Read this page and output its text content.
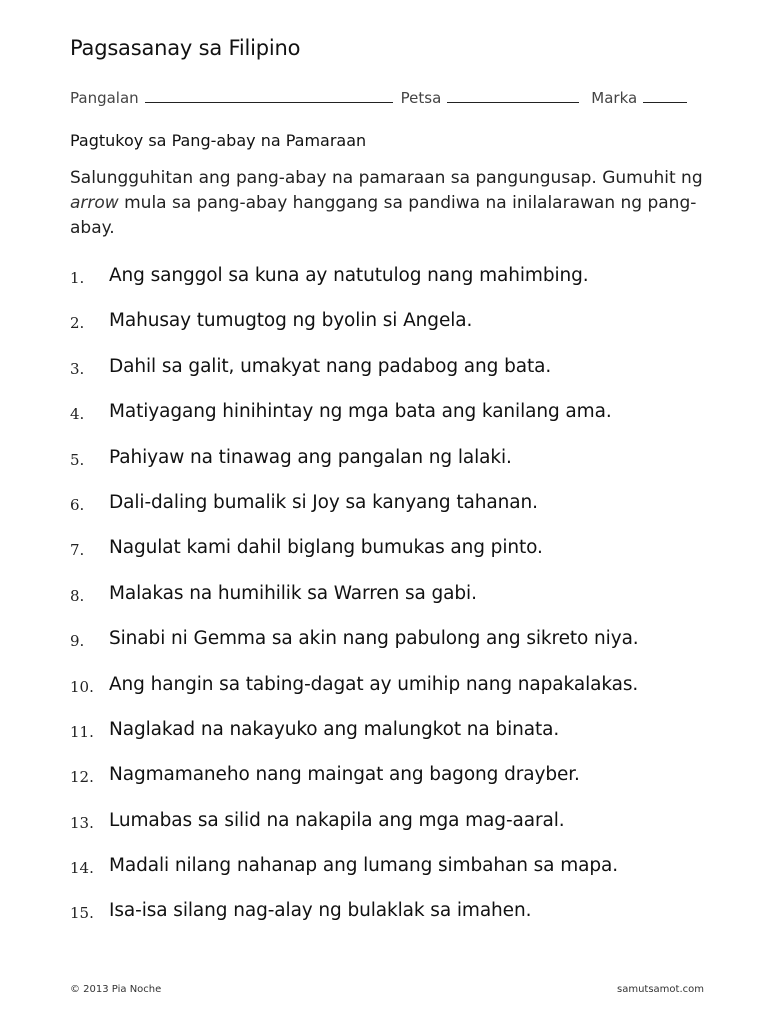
Pagsasanay sa Filipino
Pangalan	Petsa	Marka
Pagtukoy sa Pang-abay na Pamaraan
Salungguhitan ang pang-abay na pamaraan sa pangungusap. Gumuhit ng arrow mula sa pang-abay hanggang sa pandiwa na inilalarawan ng pang-abay.
1. Ang sanggol sa kuna ay natutulog nang mahimbing.
2. Mahusay tumugtog ng byolin si Angela.
3. Dahil sa galit, umakyat nang padabog ang bata.
4. Matiyagang hinihintay ng mga bata ang kanilang ama.
5. Pahiyaw na tinawag ang pangalan ng lalaki.
6. Dali-daling bumalik si Joy sa kanyang tahanan.
7. Nagulat kami dahil biglang bumukas ang pinto.
8. Malakas na humihilik sa Warren sa gabi.
9. Sinabi ni Gemma sa akin nang pabulong ang sikreto niya.
10. Ang hangin sa tabing-dagat ay umihip nang napakalakas.
11. Naglakad na nakayuko ang malungkot na binata.
12. Nagmamaneho nang maingat ang bagong drayber.
13. Lumabas sa silid na nakapila ang mga mag-aaral.
14. Madali nilang nahanap ang lumang simbahan sa mapa.
15. Isa-isa silang nag-alay ng bulaklak sa imahen.
© 2013 Pia Noche	samutsamot.com
